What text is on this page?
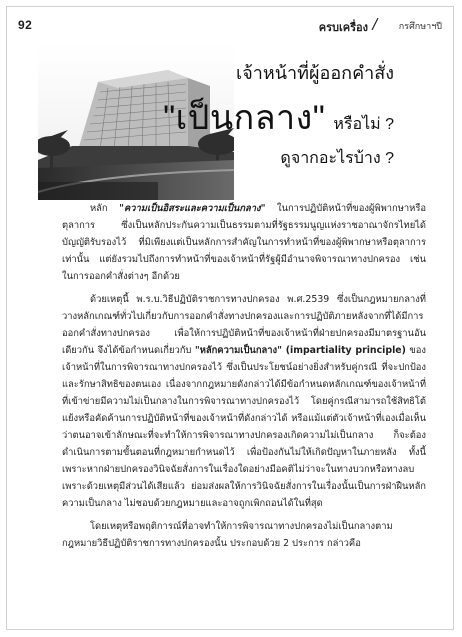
92	ครบเครื่อง	กรศึกษาฯปี
เจ้าหน้าที่ผู้ออกคำสั่ง
"เป็นกลาง" หรือไม่ ?
ดูจากอะไรบ้าง ?

หลัก "ความเป็นอิสระและความเป็นกลาง" ในการปฏิบัติหน้าที่ของผู้พิพากษาหรือตุลาการ ซึ่งเป็นหลักประกันความเป็นธรรมตามที่รัฐธรรมนูญแห่งราชอาณาจักรไทยได้บัญญัติรับรองไว้ ที่มิเพียงแต่เป็นหลักการสำคัญในการทำหน้าที่ของผู้พิพากษาหรือตุลาการเท่านั้น แต่ยังรวมไปถึงการทำหน้าที่ของเจ้าหน้าที่รัฐผู้มีอำนาจพิจารณาทางปกครอง เช่น ในการออกคำสั่งต่างๆ อีกด้วย

ด้วยเหตุนี้ พ.ร.บ.วิธีปฏิบัติราชการทางปกครอง พ.ศ.2539 ซึ่งเป็นกฎหมายกลางที่วางหลักเกณฑ์ทั่วไปเกี่ยวกับการออกคำสั่งทางปกครองและการปฏิบัติภายหลังจากที่ได้มีการออกคำสั่งทางปกครอง เพื่อให้การปฏิบัติหน้าที่ของเจ้าหน้าที่ฝ่ายปกครองมีมาตรฐานอันเดียวกัน จึงได้ข้อกำหนดเกี่ยวกับ "หลักความเป็นกลาง" (impartiality principle) ของเจ้าหน้าที่ในการพิจารณาทางปกครองไว้ ซึ่งเป็นประโยชน์อย่างยิ่งสำหรับคู่กรณี ที่จะปกป้องและรักษาสิทธิของตนเอง เนื่องจากกฎหมายดังกล่าวได้มีข้อกำหนดหลักเกณฑ์ของเจ้าหน้าที่ที่เข้าข่ายมีความไม่เป็นกลางในการพิจารณาทางปกครองไว้ โดยคู่กรณีสามารถใช้สิทธิโต้แย้งหรือคัดค้านการปฏิบัติหน้าที่ของเจ้าหน้าที่ดังกล่าวได้ หรือแม้แต่ตัวเจ้าหน้าที่เองเมื่อเห็นว่าตนอาจเข้าลักษณะที่จะทำให้การพิจารณาทางปกครองเกิดความไม่เป็นกลาง ก็จะต้องดำเนินการตามขั้นตอนที่กฎหมายกำหนดไว้ เพื่อป้องกันไม่ให้เกิดปัญหาในภายหลัง ทั้งนี้เพราะหากฝ่ายปกครองวินิจฉัยสั่งการในเรื่องใดอย่างมีอคติไม่ว่าจะในทางบวกหรือทางลบ เพราะด้วยเหตุมีส่วนได้เสียแล้ว ย่อมส่งผลให้การวินิจฉัยสั่งการในเรื่องนั้นเป็นการฝ่าฝืนหลักความเป็นกลาง ไม่ชอบด้วยกฎหมายและอาจถูกเพิกถอนได้ในที่สุด

โดยเหตุหรือพฤติการณ์ที่อาจทำให้การพิจารณาทางปกครองไม่เป็นกลางตามกฎหมายวิธีปฏิบัติราชการทางปกครองนั้น ประกอบด้วย 2 ประการ กล่าวคือ
